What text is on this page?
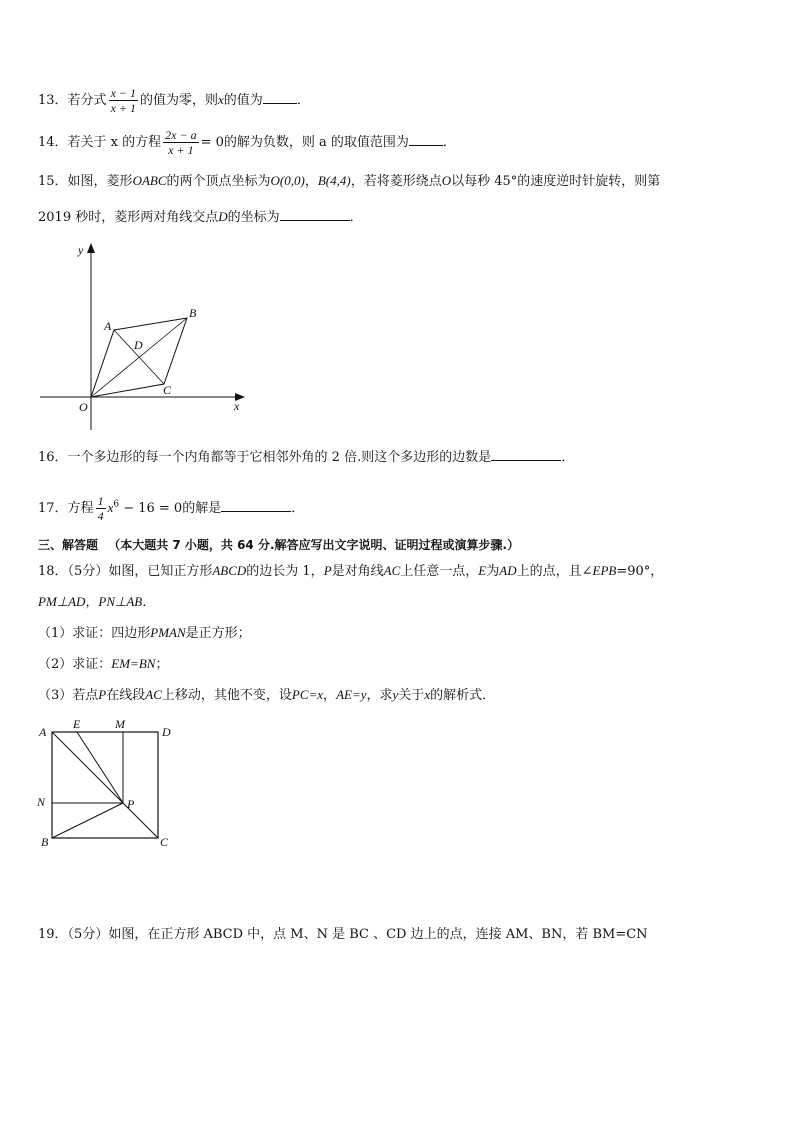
13．若分式 $\frac{x - 1}{x + 1}$ 的值为零，则x的值为	．
14．若关于 x 的方程 $\frac{2x - a}{x + 1} = 0$的解为负数，则 a 的取值范围为	．
15．如图，菱形OABC的两个顶点坐标为O(0,0)，B(4,4)，若将菱形绕点O以每秒 45°的速度逆时针旋转，则第
2019 秒时，菱形两对角线交点D的坐标为	．
y
A
B
D
C
O	x
16．一个多边形的每一个内角都等于它相邻外角的 2 倍.则这个多边形的边数是	．
17．方程 $\frac{1}{4} x^6 - 16 = 0$的解是	．
三、解答题 （本大题共 7 小题，共 64 分.解答应写出文字说明、证明过程或演算步骤.）
18．（5分）如图，已知正方形ABCD的边长为 1，P是对角线AC上任意一点，E为AD上的点，且∠EPB=90°，
PM⊥AD，PN⊥AB．
（1）求证：四边形PMAN是正方形；
（2）求证：EM=BN；
（3）若点P在线段AC上移动，其他不变，设PC=x，AE=y，求y关于x的解析式．
A
E	M
D
N	P
B	C
19．（5分）如图，在正方形 ABCD 中，点 M、N 是 BC 、CD 边上的点，连接 AM、BN，若 BM=CN
